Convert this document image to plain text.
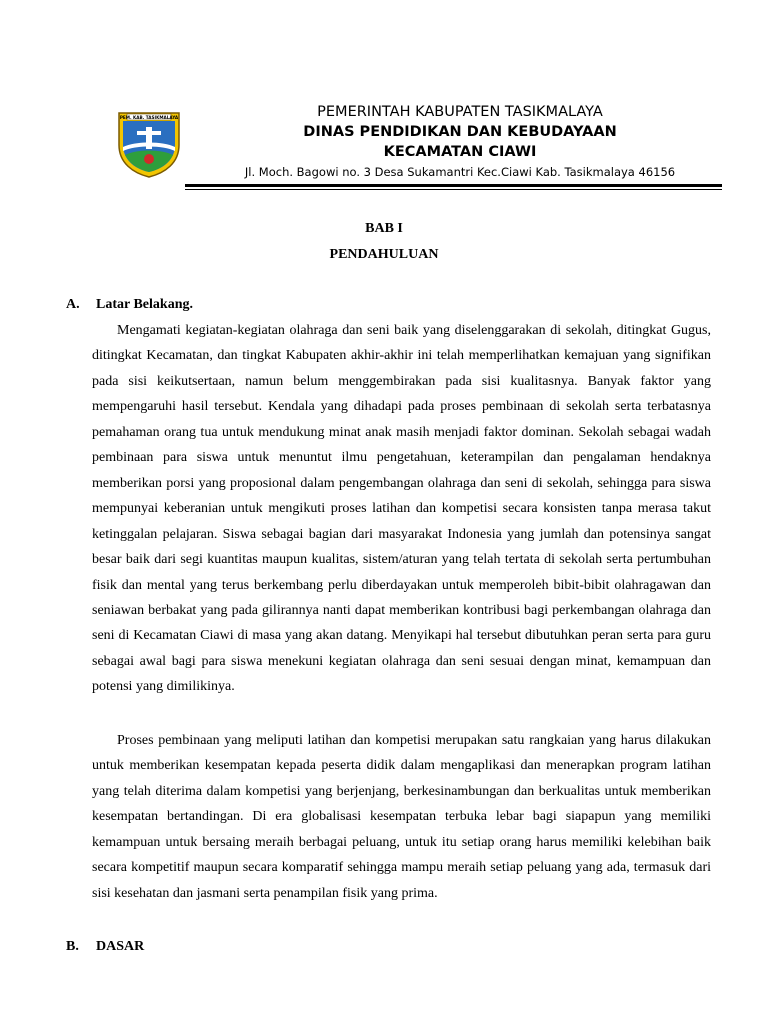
PEM. KAB. TASIKMALAYA	PEMERINTAH KABUPATEN TASIKMALAYA
DINAS PENDIDIKAN DAN KEBUDAYAAN
KECAMATAN CIAWI
Jl. Moch. Bagowi no. 3 Desa Sukamantri Kec.Ciawi Kab. Tasikmalaya 46156
BAB I
PENDAHULUAN
A. Latar Belakang.

Mengamati kegiatan-kegiatan olahraga dan seni baik yang diselenggarakan di sekolah, ditingkat Gugus, ditingkat Kecamatan, dan tingkat Kabupaten akhir-akhir ini telah memperlihatkan kemajuan yang signifikan pada sisi keikutsertaan, namun belum menggembirakan pada sisi kualitasnya. Banyak faktor yang mempengaruhi hasil tersebut. Kendala yang dihadapi pada proses pembinaan di sekolah serta terbatasnya pemahaman orang tua untuk mendukung minat anak masih menjadi faktor dominan. Sekolah sebagai wadah pembinaan para siswa untuk menuntut ilmu pengetahuan, keterampilan dan pengalaman hendaknya memberikan porsi yang proposional dalam pengembangan olahraga dan seni di sekolah, sehingga para siswa mempunyai keberanian untuk mengikuti proses latihan dan kompetisi secara konsisten tanpa merasa takut ketinggalan pelajaran. Siswa sebagai bagian dari masyarakat Indonesia yang jumlah dan potensinya sangat besar baik dari segi kuantitas maupun kualitas, sistem/aturan yang telah tertata di sekolah serta pertumbuhan fisik dan mental yang terus berkembang perlu diberdayakan untuk memperoleh bibit-bibit olahragawan dan seniawan berbakat yang pada gilirannya nanti dapat memberikan kontribusi bagi perkembangan olahraga dan seni di Kecamatan Ciawi di masa yang akan datang. Menyikapi hal tersebut dibutuhkan peran serta para guru sebagai awal bagi para siswa menekuni kegiatan olahraga dan seni sesuai dengan minat, kemampuan dan potensi yang dimilikinya.

Proses pembinaan yang meliputi latihan dan kompetisi merupakan satu rangkaian yang harus dilakukan untuk memberikan kesempatan kepada peserta didik dalam mengaplikasi dan menerapkan program latihan yang telah diterima dalam kompetisi yang berjenjang, berkesinambungan dan berkualitas untuk memberikan kesempatan bertandingan. Di era globalisasi kesempatan terbuka lebar bagi siapapun yang memiliki kemampuan untuk bersaing meraih berbagai peluang, untuk itu setiap orang harus memiliki kelebihan baik secara kompetitif maupun secara komparatif sehingga mampu meraih setiap peluang yang ada, termasuk dari sisi kesehatan dan jasmani serta penampilan fisik yang prima.

B. DASAR
